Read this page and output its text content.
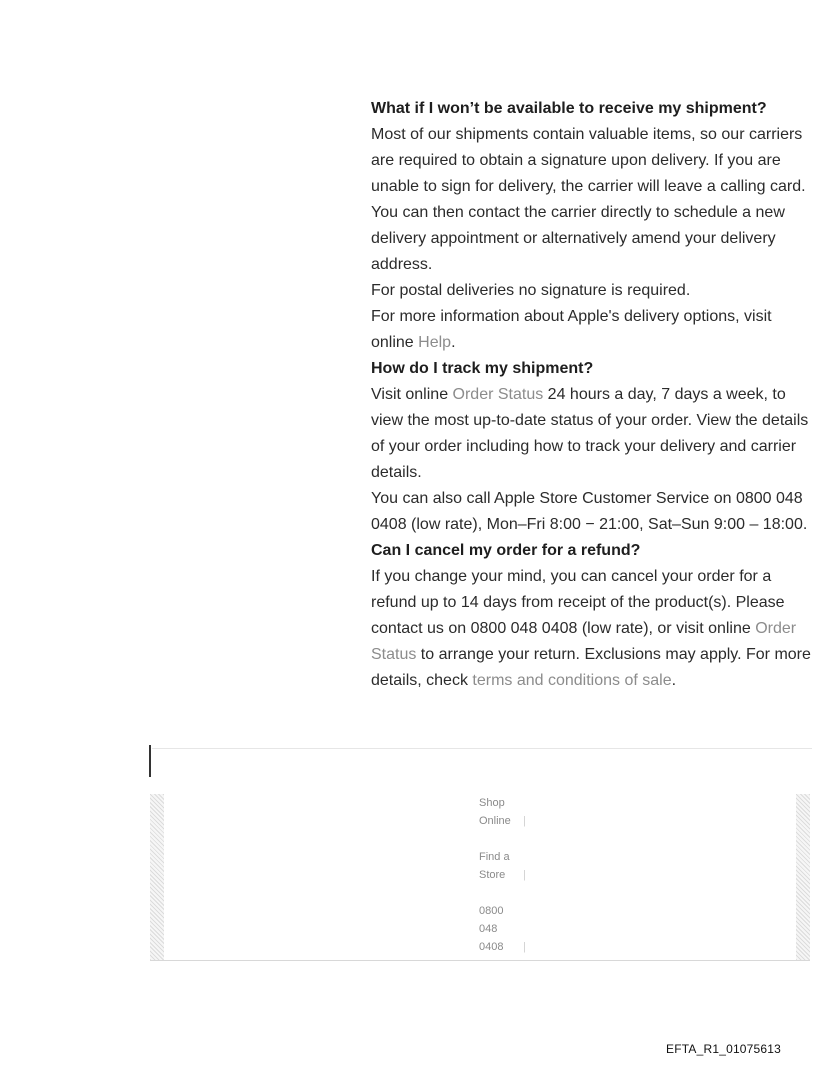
What if I won’t be available to receive my shipment?

Most of our shipments contain valuable items, so our carriers are required to obtain a signature upon delivery. If you are unable to sign for delivery, the carrier will leave a calling card. You can then contact the carrier directly to schedule a new delivery appointment or alternatively amend your delivery address.

For postal deliveries no signature is required.

For more information about Apple's delivery options, visit online Help.

How do I track my shipment?

Visit online Order Status 24 hours a day, 7 days a week, to view the most up-to-date status of your order. View the details of your order including how to track your delivery and carrier details.

You can also call Apple Store Customer Service on 0800 048 0408 (low rate), Mon–Fri 8:00 − 21:00, Sat–Sun 9:00 – 18:00.

Can I cancel my order for a refund?

If you change your mind, you can cancel your order for a refund up to 14 days from receipt of the product(s). Please contact us on 0800 048 0408 (low rate), or visit online Order Status to arrange your return. Exclusions may apply. For more details, check terms and conditions of sale.

Shop Online	|
Find a Store	|
0800 048 0408	|
EFTA_R1_01075613
